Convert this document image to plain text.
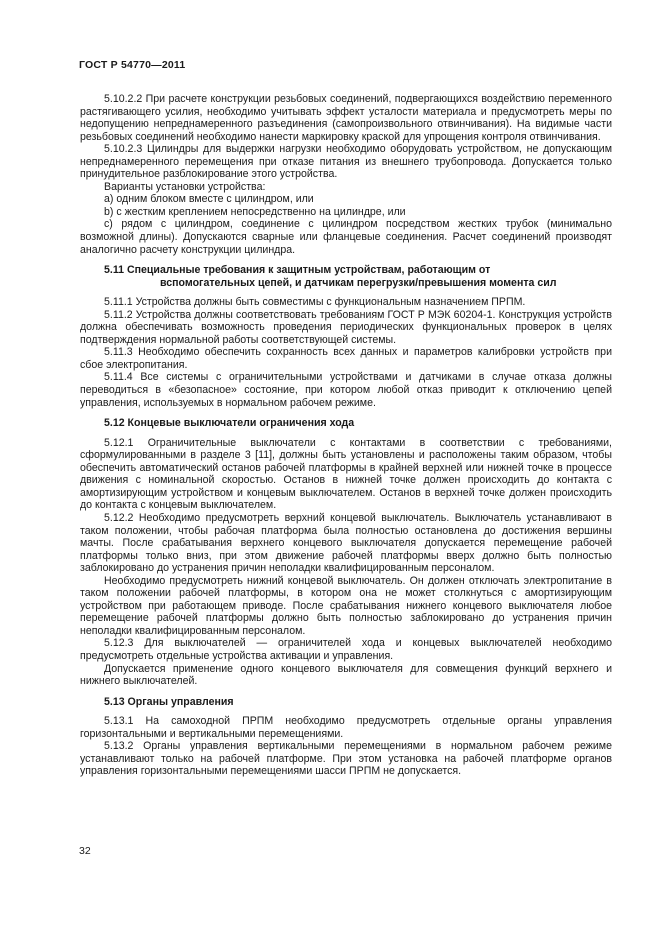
ГОСТ Р 54770—2011

5.10.2.2 При расчете конструкции резьбовых соединений, подвергающихся воздействию переменного растягивающего усилия, необходимо учитывать эффект усталости материала и предусмотреть меры по недопущению непреднамеренного разъединения (самопроизвольного отвинчивания). На видимые части резьбовых соединений необходимо нанести маркировку краской для упрощения контроля отвинчивания.

5.10.2.3 Цилиндры для выдержки нагрузки необходимо оборудовать устройством, не допускающим непреднамеренного перемещения при отказе питания из внешнего трубопровода. Допускается только принудительное разблокирование этого устройства.

Варианты установки устройства:

a) одним блоком вместе с цилиндром, или

b) с жестким креплением непосредственно на цилиндре, или

c) рядом с цилиндром, соединение с цилиндром посредством жестких трубок (минимально возможной длины). Допускаются сварные или фланцевые соединения. Расчет соединений производят аналогично расчету конструкции цилиндра.

5.11 Специальные требования к защитным устройствам, работающим от
вспомогательных цепей, и датчикам перегрузки/превышения момента сил

5.11.1 Устройства должны быть совместимы с функциональным назначением ПРПМ.

5.11.2 Устройства должны соответствовать требованиям ГОСТ Р МЭК 60204-1. Конструкция устройств должна обеспечивать возможность проведения периодических функциональных проверок в целях подтверждения нормальной работы соответствующей системы.

5.11.3 Необходимо обеспечить сохранность всех данных и параметров калибровки устройств при сбое электропитания.

5.11.4 Все системы с ограничительными устройствами и датчиками в случае отказа должны переводиться в «безопасное» состояние, при котором любой отказ приводит к отключению цепей управления, используемых в нормальном рабочем режиме.

5.12 Концевые выключатели ограничения хода

5.12.1 Ограничительные выключатели с контактами в соответствии с требованиями, сформулированными в разделе 3 [11], должны быть установлены и расположены таким образом, чтобы обеспечить автоматический останов рабочей платформы в крайней верхней или нижней точке в процессе движения с номинальной скоростью. Останов в нижней точке должен происходить до контакта с амортизирующим устройством и концевым выключателем. Останов в верхней точке должен происходить до контакта с концевым выключателем.

5.12.2 Необходимо предусмотреть верхний концевой выключатель. Выключатель устанавливают в таком положении, чтобы рабочая платформа была полностью остановлена до достижения вершины мачты. После срабатывания верхнего концевого выключателя допускается перемещение рабочей платформы только вниз, при этом движение рабочей платформы вверх должно быть полностью заблокировано до устранения причин неполадки квалифицированным персоналом.

Необходимо предусмотреть нижний концевой выключатель. Он должен отключать электропитание в таком положении рабочей платформы, в котором она не может столкнуться с амортизирующим устройством при работающем приводе. После срабатывания нижнего концевого выключателя любое перемещение рабочей платформы должно быть полностью заблокировано до устранения причин неполадки квалифицированным персоналом.

5.12.3 Для выключателей — ограничителей хода и концевых выключателей необходимо предусмотреть отдельные устройства активации и управления.

Допускается применение одного концевого выключателя для совмещения функций верхнего и нижнего выключателей.

5.13 Органы управления

5.13.1 На самоходной ПРПМ необходимо предусмотреть отдельные органы управления горизонтальными и вертикальными перемещениями.

5.13.2 Органы управления вертикальными перемещениями в нормальном рабочем режиме устанавливают только на рабочей платформе. При этом установка на рабочей платформе органов управления горизонтальными перемещениями шасси ПРПМ не допускается.

32
